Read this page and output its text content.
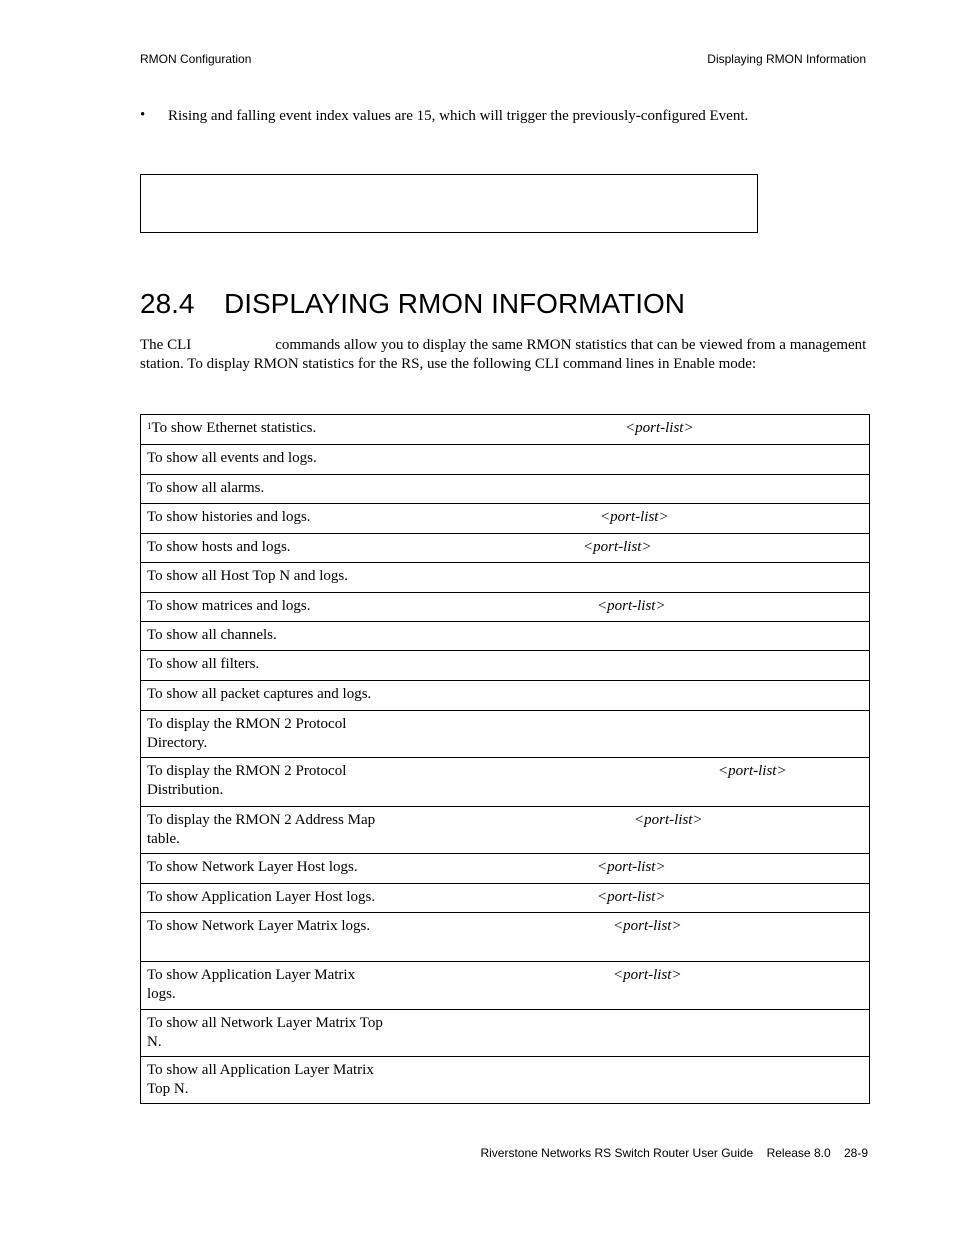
RMON Configuration	Displaying RMON Information
• Rising and falling event index values are 15, which will trigger the previously-configured Event.
28.4 DISPLAYING RMON INFORMATION
The CLI	commands allow you to display the same RMON statistics that can be viewed from a management station. To display RMON statistics for the RS, use the following CLI command lines in Enable mode:
$^1$To show Ethernet statistics.	<port-list>

To show all events and logs.	
To show all alarms.	
To show histories and logs.	<port-list>

To show hosts and logs.	<port-list>

To show all Host Top N and logs.	
To show matrices and logs.	<port-list>

To show all channels.	
To show all filters.	
To show all packet captures and logs.	
To display the RMON 2 Protocol Directory.	
To display the RMON 2 Protocol Distribution.	<port-list>

To display the RMON 2 Address Map table.	<port-list>

To show Network Layer Host logs.	<port-list>

To show Application Layer Host logs.	<port-list>

To show Network Layer Matrix logs.	<port-list>

To show Application Layer Matrix logs.	<port-list>

To show all Network Layer Matrix Top N.	
To show all Application Layer Matrix Top N.	
Riverstone Networks RS Switch Router User Guide Release 8.0 28-9
